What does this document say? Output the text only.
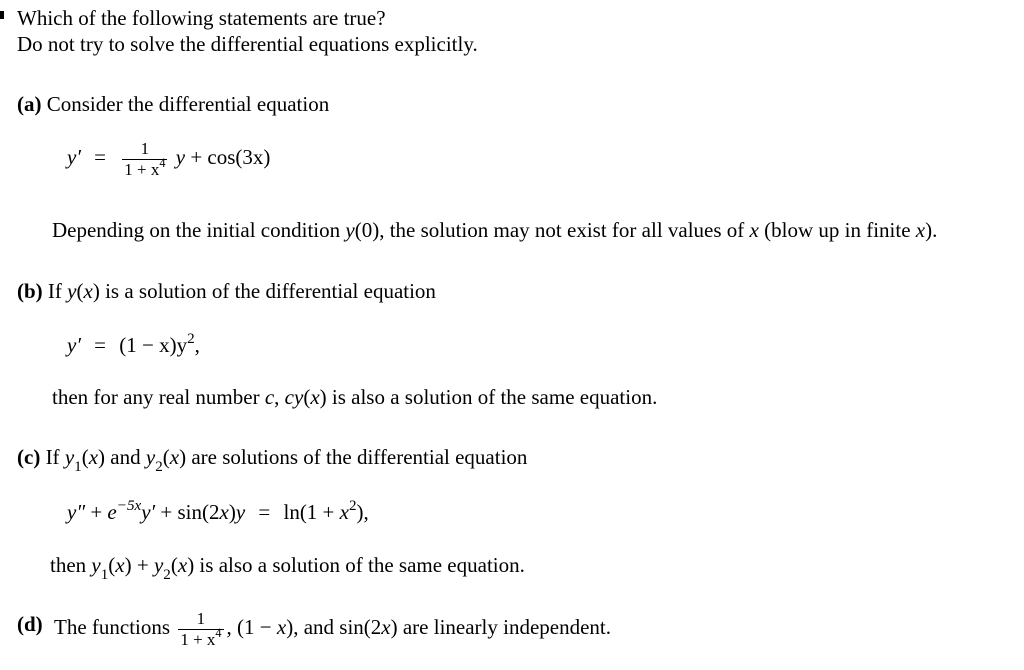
Which of the following statements are true?
Do not try to solve the differential equations explicitly.
(a) Consider the differential equation
$y' = \frac{1}{1 + x^4}$ y + cos(3x)
Depending on the initial condition y(0), the solution may not exist for all values of x (blow up in finite x).
(b) If y(x) is a solution of the differential equation
$y' = (1 - x)y^2$,
then for any real number c, cy(x) is also a solution of the same equation.
(c) If $y_1(x)$ and $y_2(x)$ are solutions of the differential equation
$y'' + e^{-5x}y' + \sin(2x)y = \ln(1 + x^2)$,
then $y_1(x) + y_2(x)$ is also a solution of the same equation.
(d) The functions $\frac{1}{1 + x^4}$ , (1 − x), and sin(2x) are linearly independent.
